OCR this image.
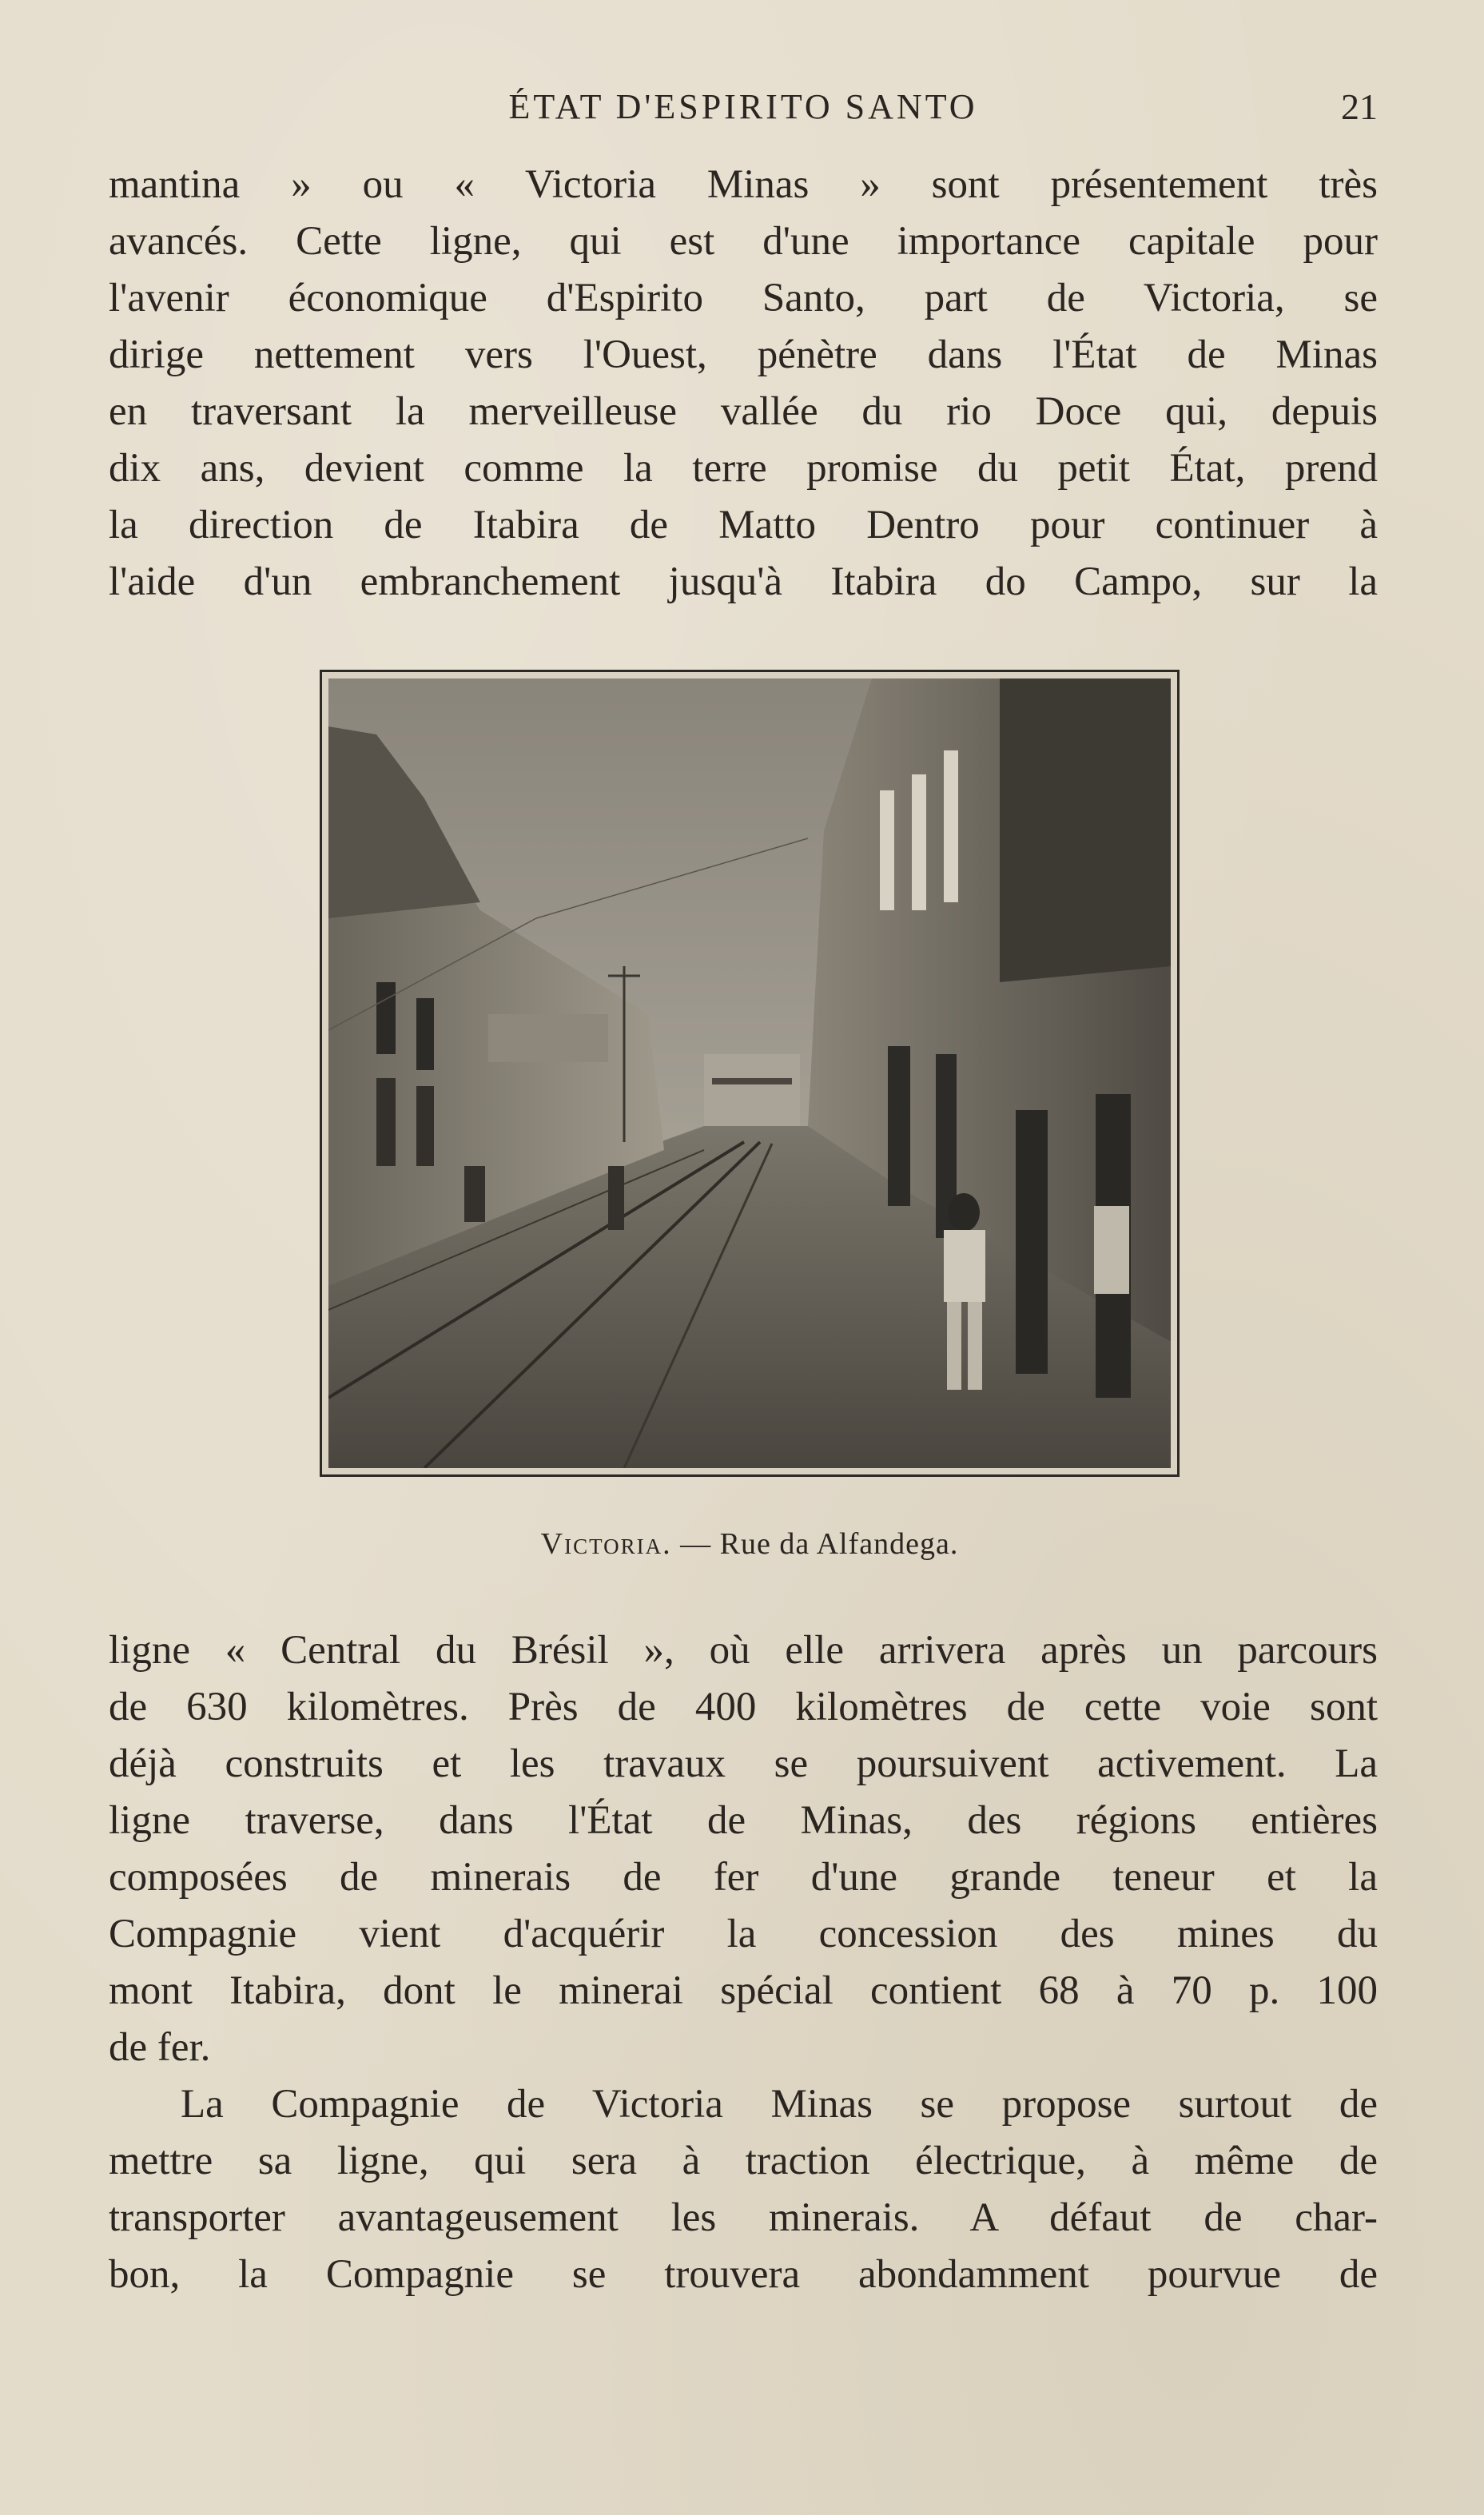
ÉTAT D'ESPIRITO SANTO	21
mantina » ou « Victoria Minas » sont présentement très
avancés. Cette ligne, qui est d'une importance capitale pour
l'avenir économique d'Espirito Santo, part de Victoria, se
dirige nettement vers l'Ouest, pénètre dans l'État de Minas
en traversant la merveilleuse vallée du rio Doce qui, depuis
dix ans, devient comme la terre promise du petit État, prend
la direction de Itabira de Matto Dentro pour continuer à
l'aide d'un embranchement jusqu'à Itabira do Campo, sur la
Victoria. — Rue da Alfandega.
ligne « Central du Brésil », où elle arrivera après un parcours
de 630 kilomètres. Près de 400 kilomètres de cette voie sont
déjà construits et les travaux se poursuivent activement. La
ligne traverse, dans l'État de Minas, des régions entières
composées de minerais de fer d'une grande teneur et la
Compagnie vient d'acquérir la concession des mines du
mont Itabira, dont le minerai spécial contient 68 à 70 p. 100
de fer.
La Compagnie de Victoria Minas se propose surtout de
mettre sa ligne, qui sera à traction électrique, à même de
transporter avantageusement les minerais. A défaut de char-
bon, la Compagnie se trouvera abondamment pourvue de
